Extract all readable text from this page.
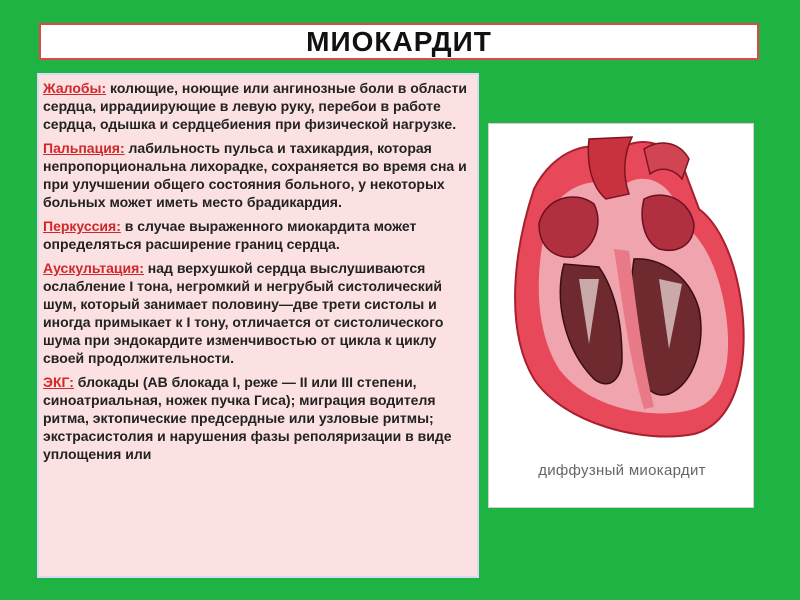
МИОКАРДИТ

Жалобы: колющие, ноющие или ангинозные боли в области сердца, иррадиирующие в левую руку, перебои в работе сердца, одышка и сердцебиения при физической нагрузке.

Пальпация: лабильность пульса и тахикардия, которая непропорциональна лихорадке, сохраняется во время сна и при улучшении общего состояния больного, у некоторых больных может иметь место брадикардия.

Перкуссия: в случае выраженного миокардита может определяться расширение границ сердца.

Аускультация: над верхушкой сердца выслушиваются ослабление I тона, негромкий и негрубый систолический шум, который занимает половину—две трети систолы и иногда примыкает к I тону, отличается от систолического шума при эндокардите изменчивостью от цикла к циклу своей продолжительности.

ЭКГ: блокады (АВ блокада I, реже — II или III степени, синоатриальная, ножек пучка Гиса); миграция водителя ритма, эктопические предсердные или узловые ритмы; экстрасистолия и нарушения фазы реполяризации в виде уплощения или

диффузный миокардит
